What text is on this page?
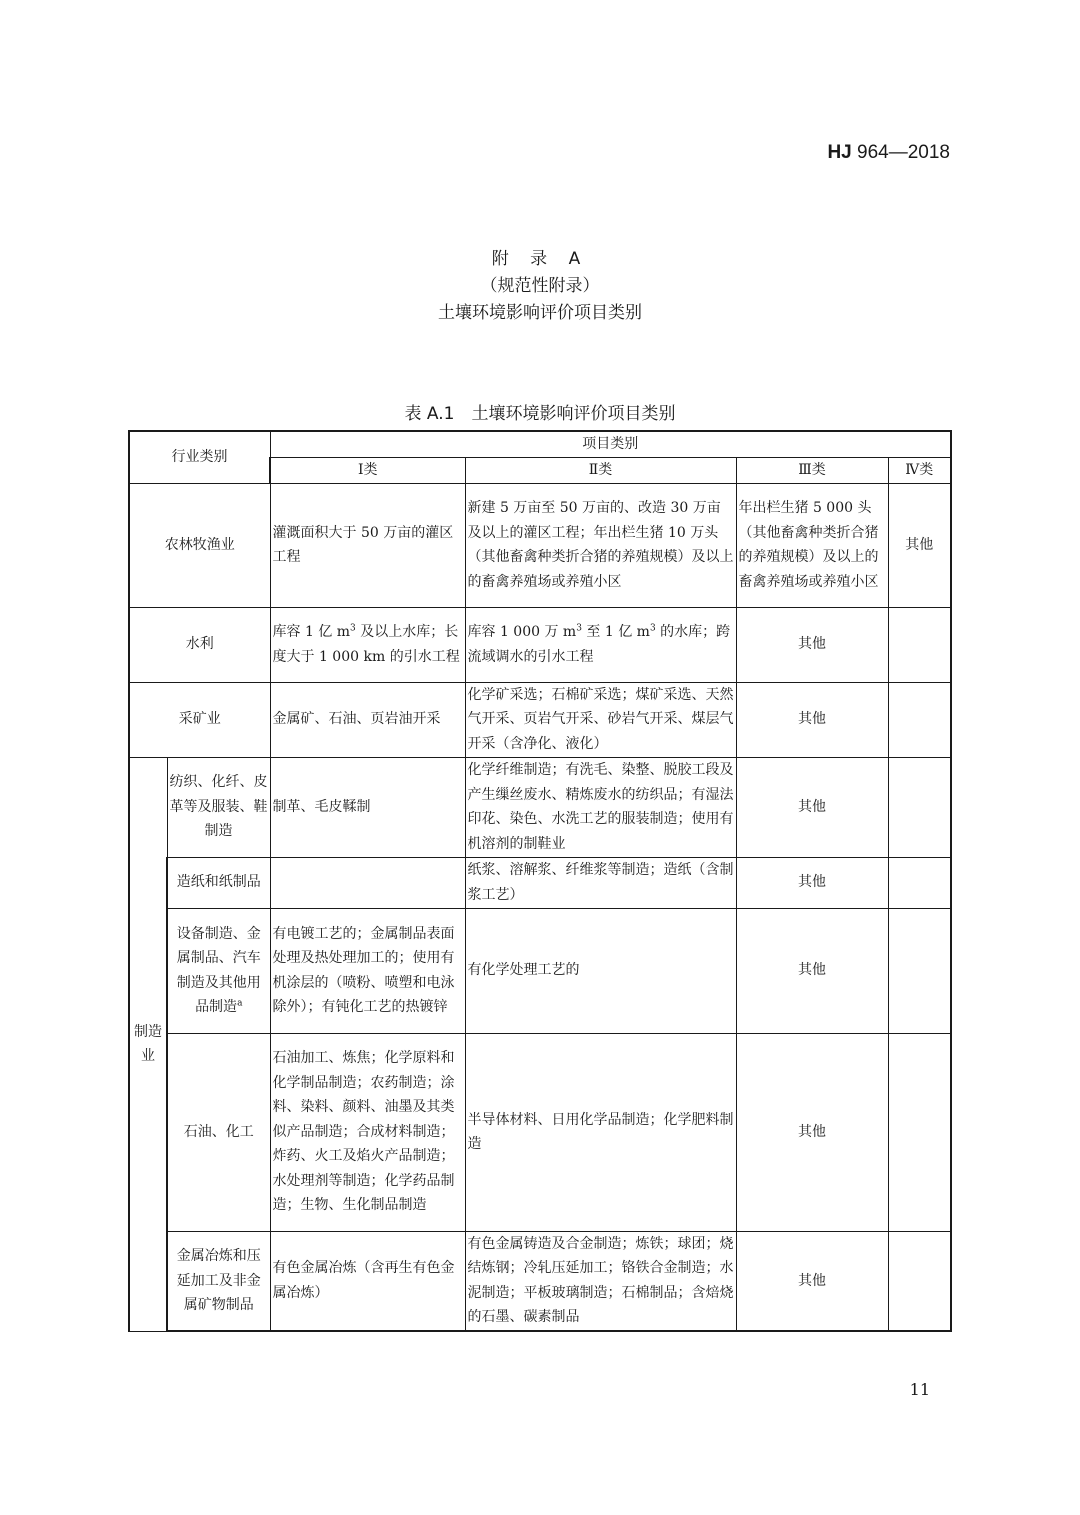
HJ 964—2018
附 录 A
（规范性附录）
土壤环境影响评价项目类别
表 A.1　土壤环境影响评价项目类别
行业类别		项目类别			
		Ⅰ类	Ⅱ类	Ⅲ类	Ⅳ类
农林牧渔业		灌溉面积大于 50 万亩的灌区工程	新建 5 万亩至 50 万亩的、改造 30 万亩及以上的灌区工程；年出栏生猪 10 万头（其他畜禽种类折合猪的养殖规模）及以上的畜禽养殖场或养殖小区	年出栏生猪 5 000 头（其他畜禽种类折合猪的养殖规模）及以上的畜禽养殖场或养殖小区	其他
水利		库容 1 亿 $m^3$ 及以上水库；长度大于 1 000 km 的引水工程	库容 1 000 万 $m^3$ 至 1 亿 $m^3$ 的水库；跨流域调水的引水工程	其他	
采矿业		金属矿、石油、页岩油开采	化学矿采选；石棉矿采选；煤矿采选、天然气开采、页岩气开采、砂岩气开采、煤层气开采（含净化、液化）	其他	
制造业	纺织、化纤、皮革等及服装、鞋制造	制革、毛皮鞣制	化学纤维制造；有洗毛、染整、脱胶工段及产生缫丝废水、精炼废水的纺织品；有湿法印花、染色、水洗工艺的服装制造；使用有机溶剂的制鞋业	其他	
	造纸和纸制品		纸浆、溶解浆、纤维浆等制造；造纸（含制浆工艺）	其他	
	设备制造、金属制品、汽车制造及其他用品制造$^a$	有电镀工艺的；金属制品表面处理及热处理加工的；使用有机涂层的（喷粉、喷塑和电泳除外）；有钝化工艺的热镀锌	有化学处理工艺的	其他	
	石油、化工	石油加工、炼焦；化学原料和化学制品制造；农药制造；涂料、染料、颜料、油墨及其类似产品制造；合成材料制造；炸药、火工及焰火产品制造；水处理剂等制造；化学药品制造；生物、生化制品制造	半导体材料、日用化学品制造；化学肥料制造	其他	
	金属冶炼和压延加工及非金属矿物制品	有色金属冶炼（含再生有色金属冶炼）	有色金属铸造及合金制造；炼铁；球团；烧结炼钢；冷轧压延加工；铬铁合金制造；水泥制造；平板玻璃制造；石棉制品；含焙烧的石墨、碳素制品	其他	
11
